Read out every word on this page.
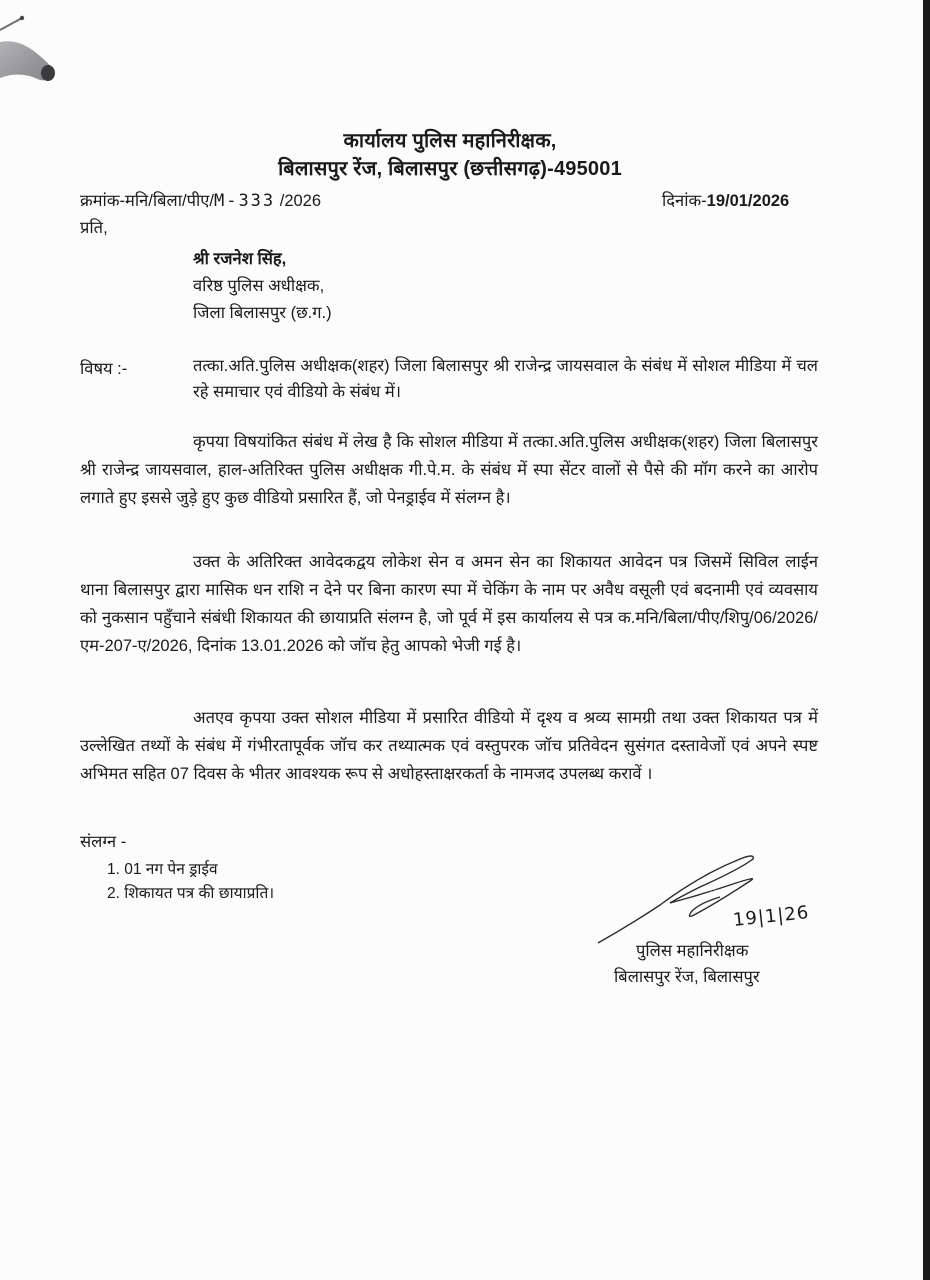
कार्यालय पुलिस महानिरीक्षक,
बिलासपुर रेंज, बिलासपुर (छत्तीसगढ़)-495001
क्रमांक-मनि/बिला/पीए/M-333 /2026	दिनांक-19/01/2026
प्रति,
श्री रजनेश सिंह,
वरिष्ठ पुलिस अधीक्षक,
जिला बिलासपुर (छ.ग.)
विषय :-	तत्का.अति.पुलिस अधीक्षक(शहर) जिला बिलासपुर श्री राजेन्द्र जायसवाल के संबंध में सोशल मीडिया में चल रहे समाचार एवं वीडियो के संबंध में।

कृपया विषयांकित संबंध में लेख है कि सोशल मीडिया में तत्का.अति.पुलिस अधीक्षक(शहर) जिला बिलासपुर श्री राजेन्द्र जायसवाल, हाल-अतिरिक्त पुलिस अधीक्षक गी.पे.म. के संबंध में स्पा सेंटर वालों से पैसे की मॉग करने का आरोप लगाते हुए इससे जुड़े हुए कुछ वीडियो प्रसारित हैं, जो पेनड्राईव में संलग्न है।

उक्त के अतिरिक्त आवेदकद्वय लोकेश सेन व अमन सेन का शिकायत आवेदन पत्र जिसमें सिविल लाईन थाना बिलासपुर द्वारा मासिक धन राशि न देने पर बिना कारण स्पा में चेकिंग के नाम पर अवैध वसूली एवं बदनामी एवं व्यवसाय को नुकसान पहुँचाने संबंधी शिकायत की छायाप्रति संलग्न है, जो पूर्व में इस कार्यालय से पत्र क.मनि/बिला/पीए/शिपु/06/2026/एम-207-ए/2026, दिनांक 13.01.2026 को जॉच हेतु आपको भेजी गई है।

अतएव कृपया उक्त सोशल मीडिया में प्रसारित वीडियो में दृश्य व श्रव्य सामग्री तथा उक्त शिकायत पत्र में उल्लेखित तथ्यों के संबंध में गंभीरतापूर्वक जॉच कर तथ्यात्मक एवं वस्तुपरक जॉच प्रतिवेदन सुसंगत दस्तावेजों एवं अपने स्पष्ट अभिमत सहित 07 दिवस के भीतर आवश्यक रूप से अधोहस्ताक्षरकर्ता के नामजद उपलब्ध करावें ।

संलग्न -
1. 01 नग पेन ड्राईव
2. शिकायत पत्र की छायाप्रति।
19|1|26
पुलिस महानिरीक्षक
बिलासपुर रेंज, बिलासपुर
